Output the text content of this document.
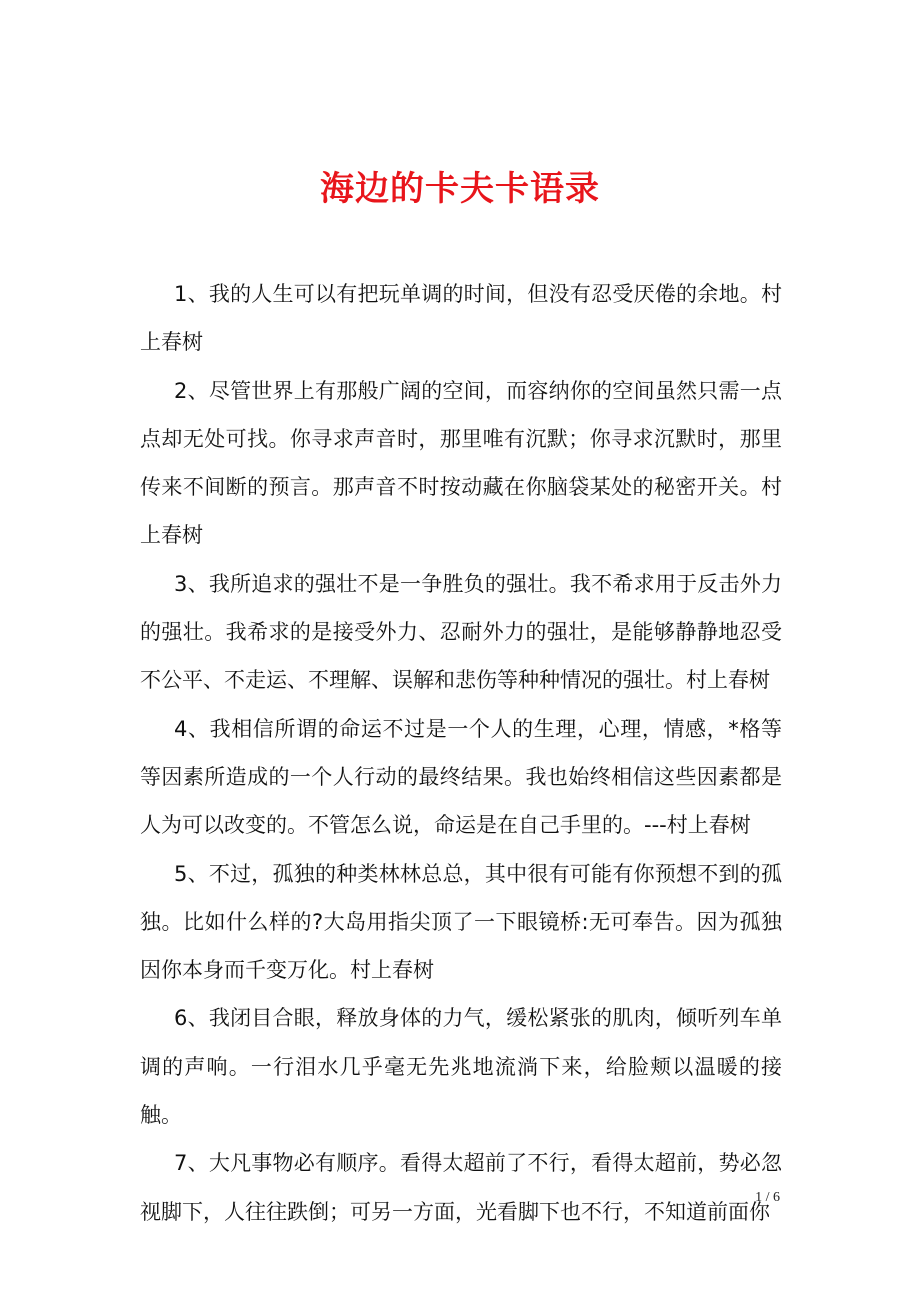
海边的卡夫卡语录

1、我的人生可以有把玩单调的时间，但没有忍受厌倦的余地。村上春树

2、尽管世界上有那般广阔的空间，而容纳你的空间虽然只需一点点却无处可找。你寻求声音时，那里唯有沉默；你寻求沉默时，那里传来不间断的预言。那声音不时按动藏在你脑袋某处的秘密开关。村上春树

3、我所追求的强壮不是一争胜负的强壮。我不希求用于反击外力的强壮。我希求的是接受外力、忍耐外力的强壮，是能够静静地忍受不公平、不走运、不理解、误解和悲伤等种种情况的强壮。村上春树

4、我相信所谓的命运不过是一个人的生理，心理，情感，*格等等因素所造成的一个人行动的最终结果。我也始终相信这些因素都是人为可以改变的。不管怎么说，命运是在自己手里的。---村上春树

5、不过，孤独的种类林林总总，其中很有可能有你预想不到的孤独。比如什么样的?大岛用指尖顶了一下眼镜桥:无可奉告。因为孤独因你本身而千变万化。村上春树

6、我闭目合眼，释放身体的力气，缓松紧张的肌肉，倾听列车单调的声响。一行泪水几乎毫无先兆地流淌下来，给脸颊以温暖的接触。

7、大凡事物必有顺序。看得太超前了不行，看得太超前，势必忽视脚下，人往往跌倒；可另一方面，光看脚下也不行，不知道前面你

1 / 6
